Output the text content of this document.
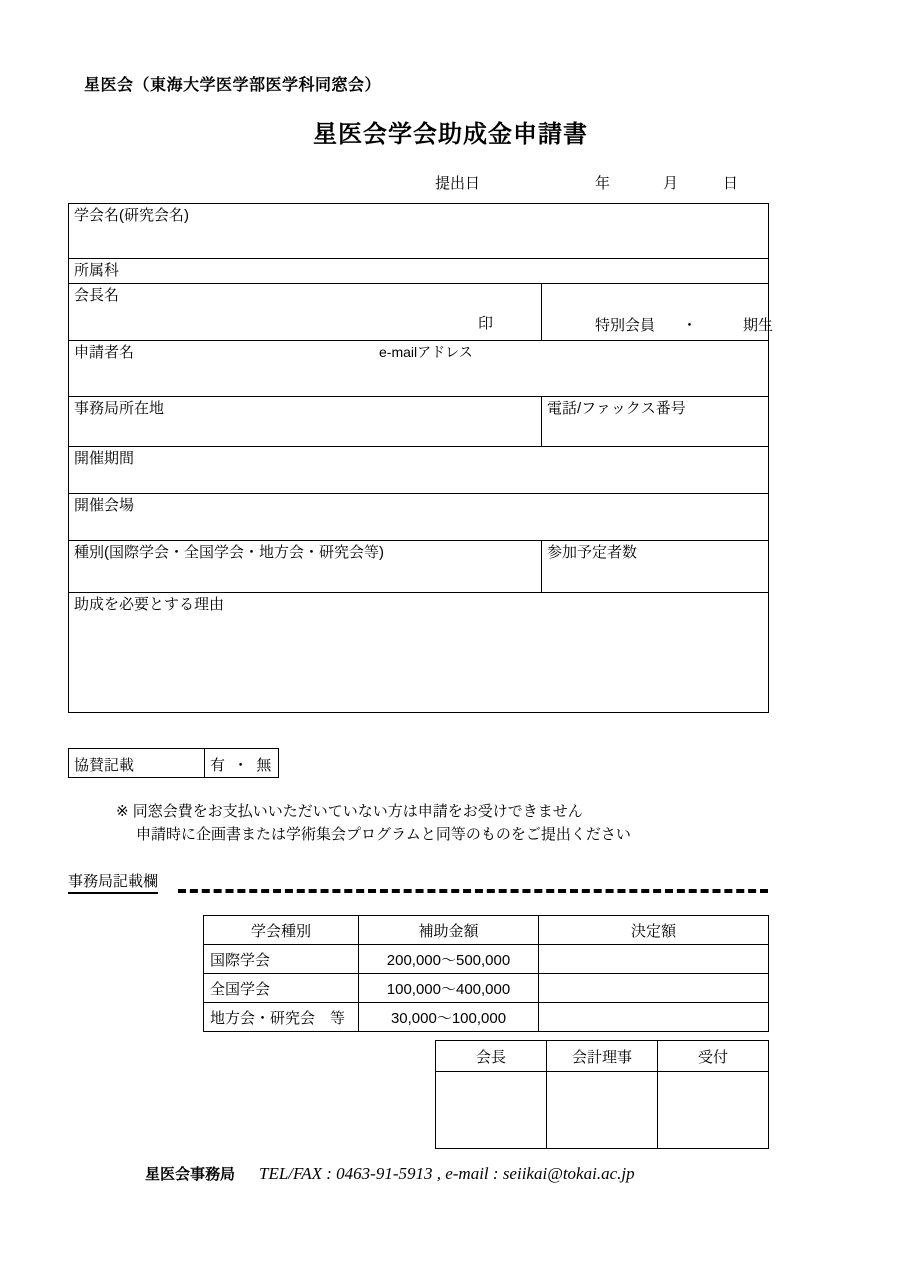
星医会（東海大学医学部医学科同窓会）
星医会学会助成金申請書
提出日	年	月	日
学会名(研究会名)	

所属科	

会長名
印	特別会員 ・ 期生

申請者名 e-mailアドレス	

事務局所在地	電話/ファックス番号

開催期間	

開催会場	

種別(国際学会・全国学会・地方会・研究会等)	参加予定者数

助成を必要とする理由	
協賛記載	有 ・ 無
※ 同窓会費をお支払いいただいていない方は申請をお受けできません
申請時に企画書または学術集会プログラムと同等のものをご提出ください
事務局記載欄
学会種別	補助金額	決定額
国際学会	200,000～500,000	
全国学会	100,000～400,000	
地方会・研究会　等	30,000～100,000	
会長	会計理事	受付

星医会事務局 TEL/FAX : 0463-91-5913 , e-mail : seiikai@tokai.ac.jp
